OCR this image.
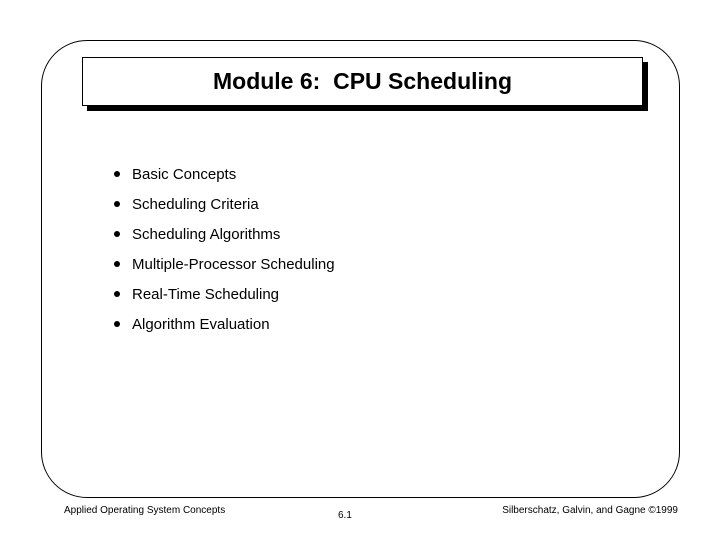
Module 6:  CPU Scheduling
Basic Concepts
Scheduling Criteria
Scheduling Algorithms
Multiple-Processor Scheduling
Real-Time Scheduling
Algorithm Evaluation
Applied Operating System Concepts	6.1	Silberschatz, Galvin, and Gagne ©1999
